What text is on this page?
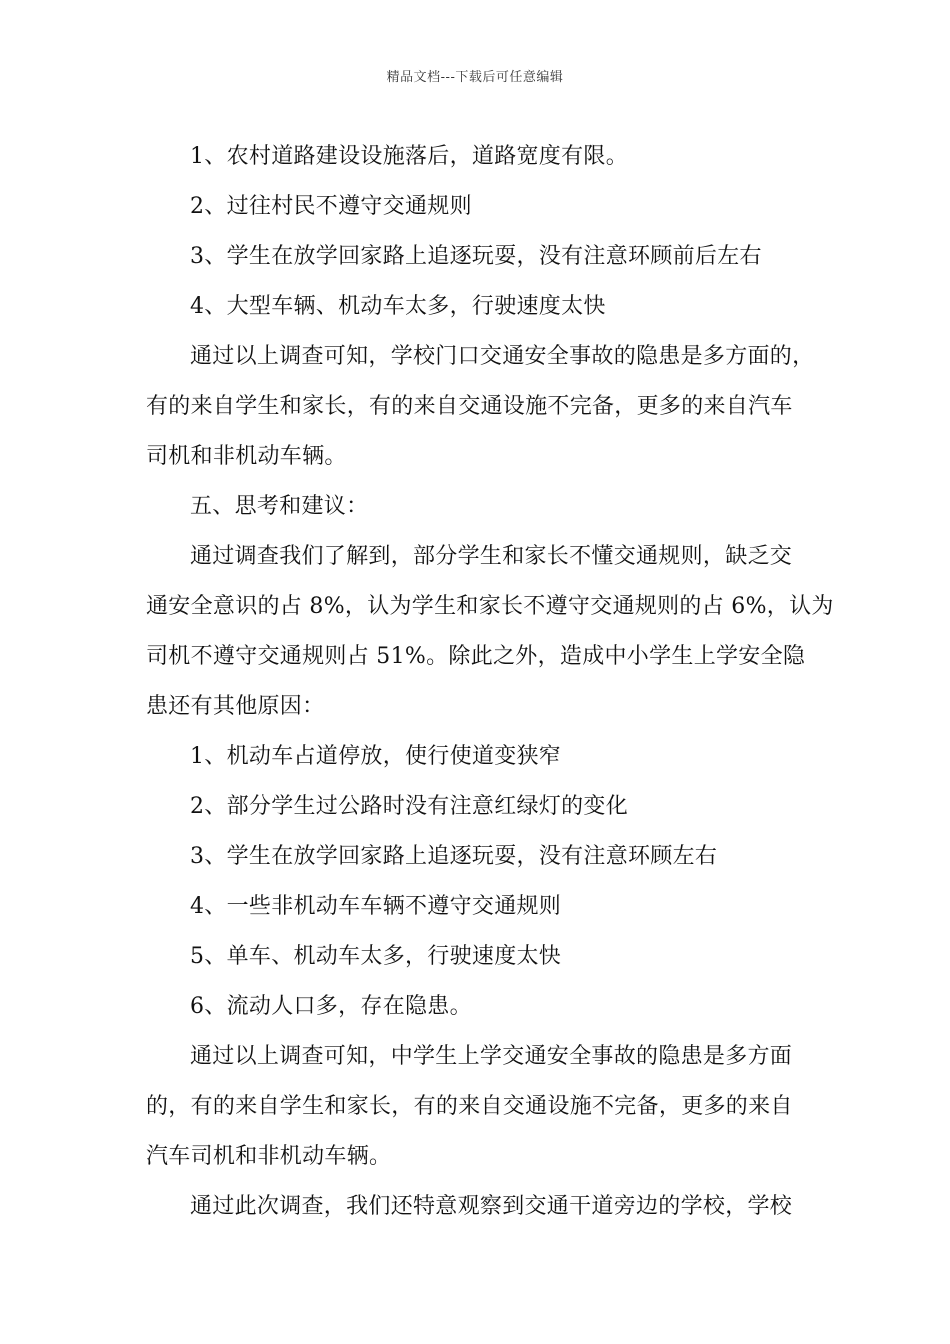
精品文档---下载后可任意编辑
1、农村道路建设设施落后，道路宽度有限。
2、过往村民不遵守交通规则
3、学生在放学回家路上追逐玩耍，没有注意环顾前后左右
4、大型车辆、机动车太多，行驶速度太快
通过以上调查可知，学校门口交通安全事故的隐患是多方面的，
有的来自学生和家长，有的来自交通设施不完备，更多的来自汽车
司机和非机动车辆。
五、思考和建议：
通过调查我们了解到，部分学生和家长不懂交通规则，缺乏交
通安全意识的占 8%，认为学生和家长不遵守交通规则的占 6%，认为
司机不遵守交通规则占 51%。除此之外，造成中小学生上学安全隐
患还有其他原因：
1、机动车占道停放，使行使道变狭窄
2、部分学生过公路时没有注意红绿灯的变化
3、学生在放学回家路上追逐玩耍，没有注意环顾左右
4、一些非机动车车辆不遵守交通规则
5、单车、机动车太多，行驶速度太快
6、流动人口多，存在隐患。
通过以上调查可知，中学生上学交通安全事故的隐患是多方面
的，有的来自学生和家长，有的来自交通设施不完备，更多的来自
汽车司机和非机动车辆。
通过此次调查，我们还特意观察到交通干道旁边的学校，学校
